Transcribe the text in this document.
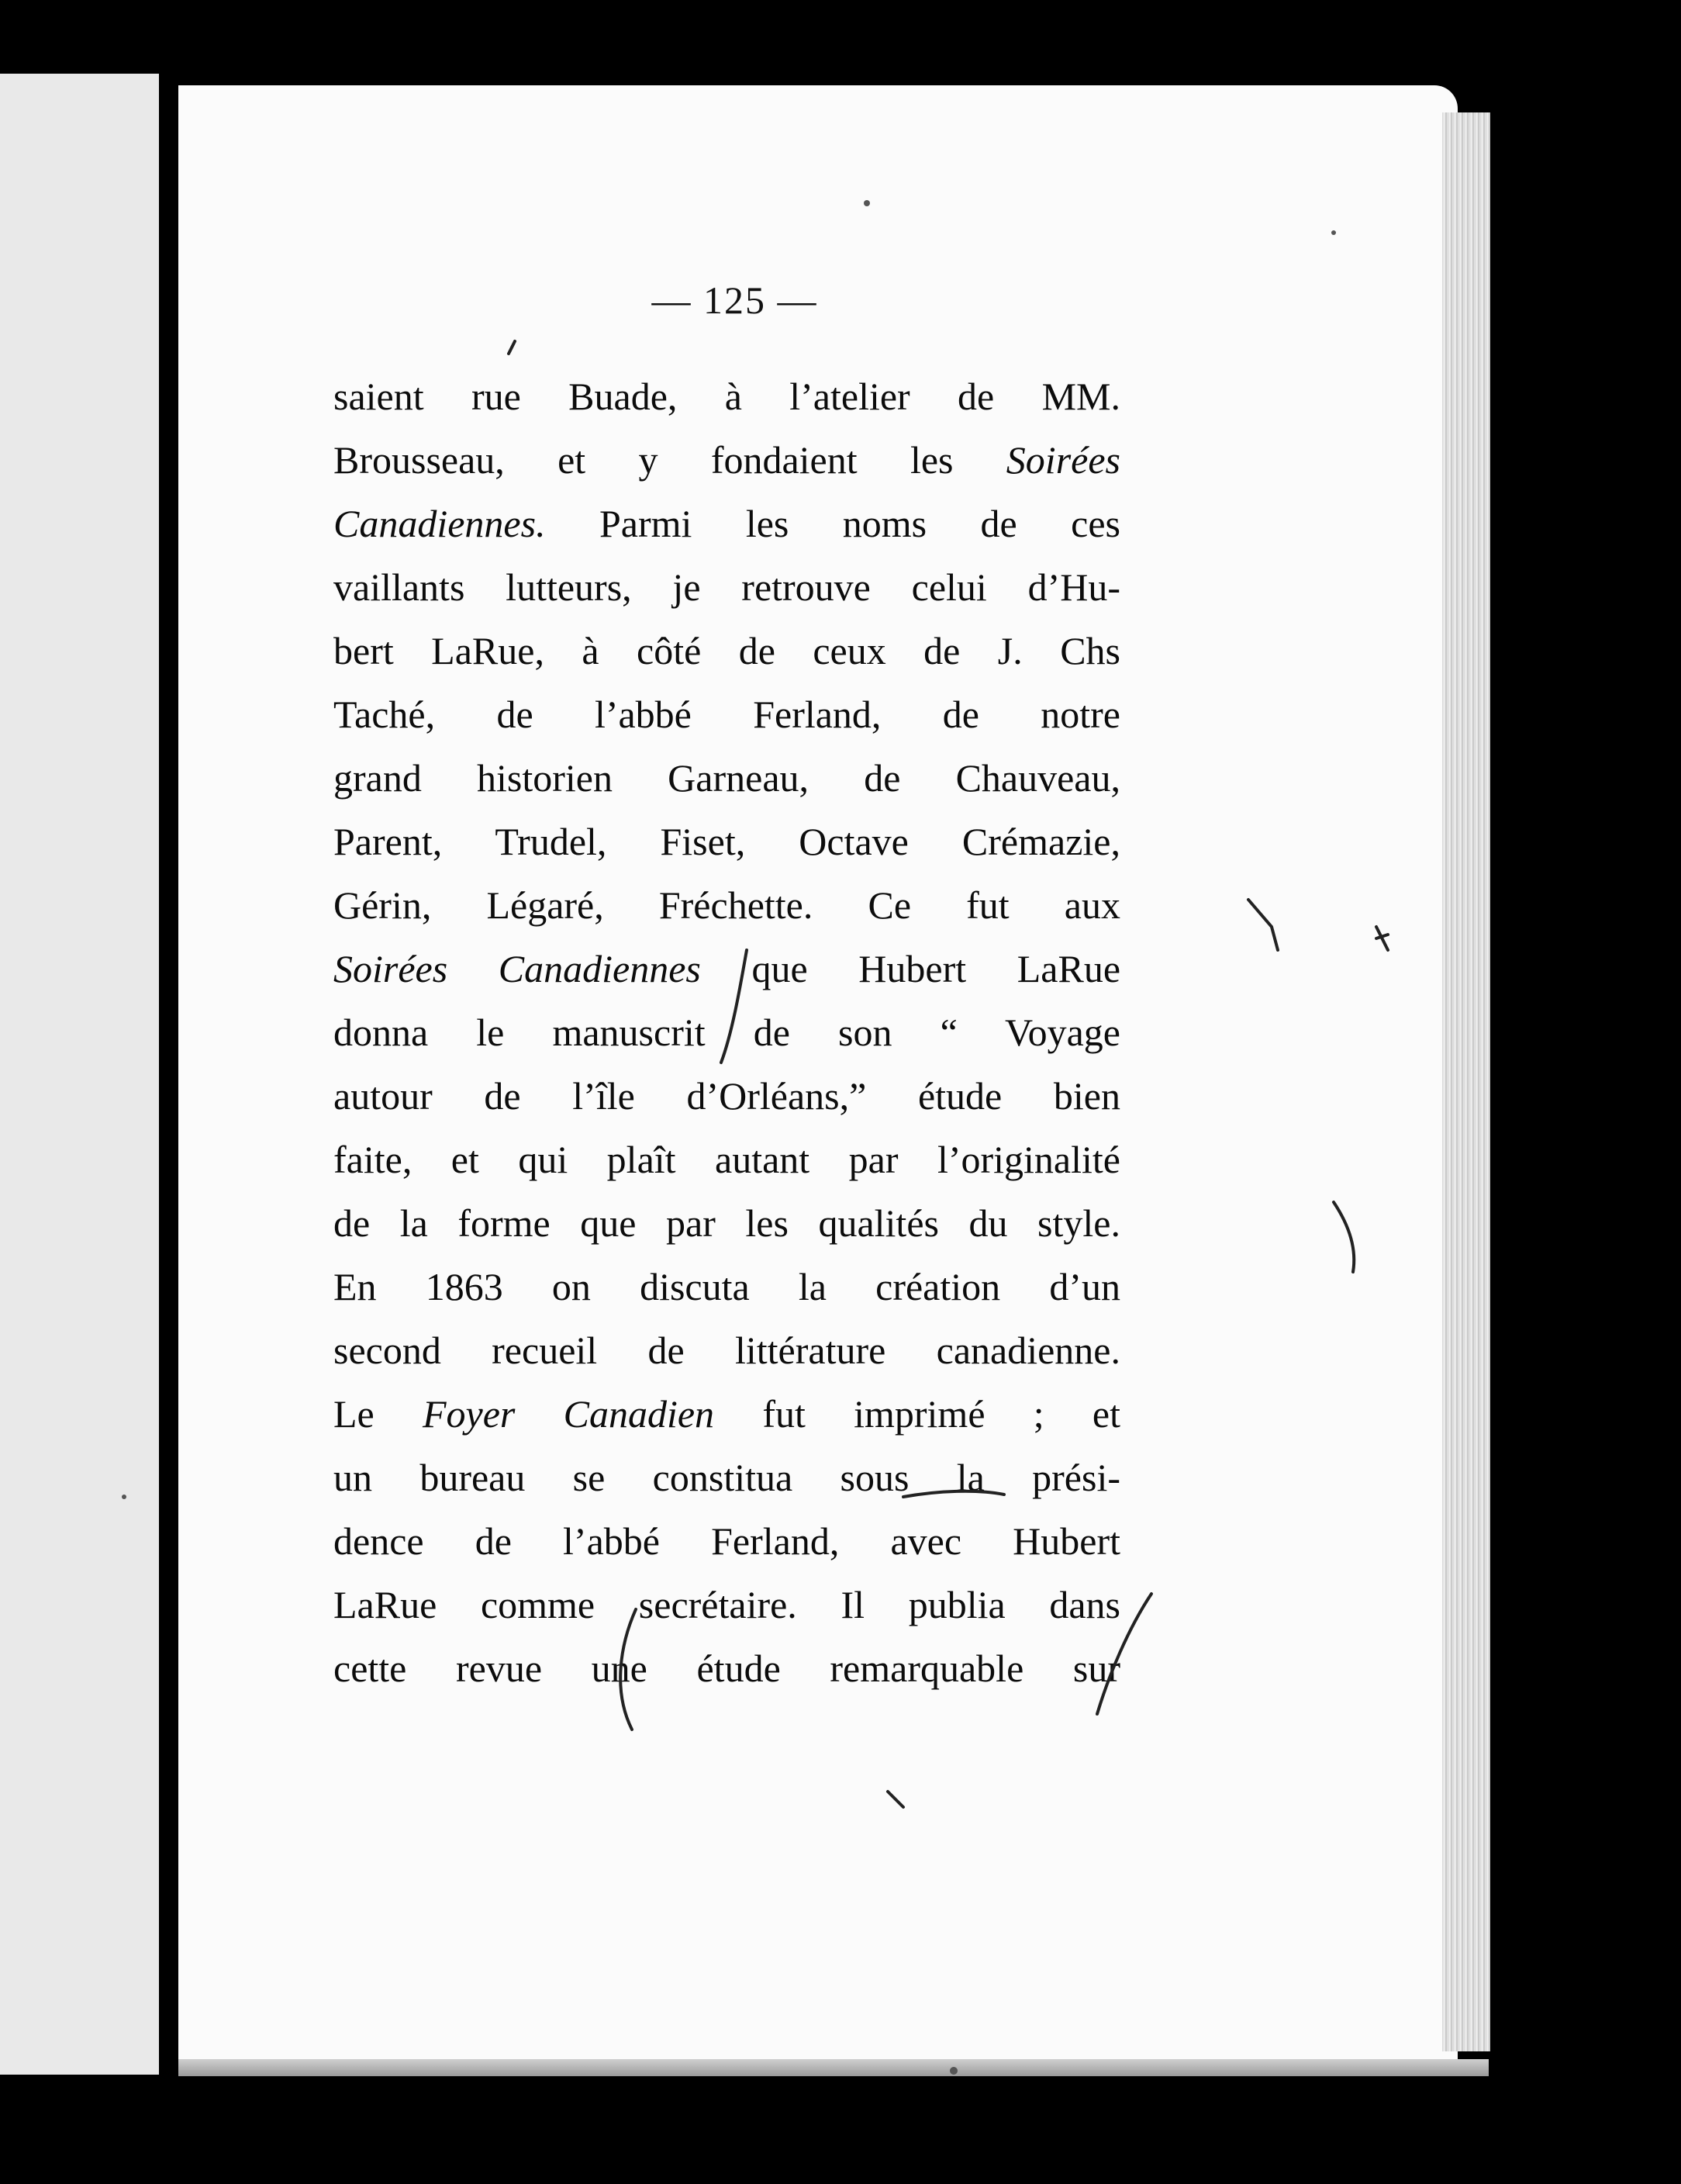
— 125 —
saient rue Buade, à l’atelier de MM.
Brousseau, et y fondaient les Soirées
Canadiennes. Parmi les noms de ces
vaillants lutteurs, je retrouve celui d’Hu-
bert LaRue, à côté de ceux de J. Chs
Taché, de l’abbé Ferland, de notre
grand historien Garneau, de Chauveau,
Parent, Trudel, Fiset, Octave Crémazie,
Gérin, Légaré, Fréchette. Ce fut aux
Soirées Canadiennes que Hubert LaRue
donna le manuscrit de son “ Voyage
autour de l’île d’Orléans,” étude bien
faite, et qui plaît autant par l’originalité
de la forme que par les qualités du style.
En 1863 on discuta la création d’un
second recueil de littérature canadienne.
Le Foyer Canadien fut imprimé ; et
un bureau se constitua sous la prési-
dence de l’abbé Ferland, avec Hubert
LaRue comme secrétaire. Il publia dans
cette revue une étude remarquable sur
